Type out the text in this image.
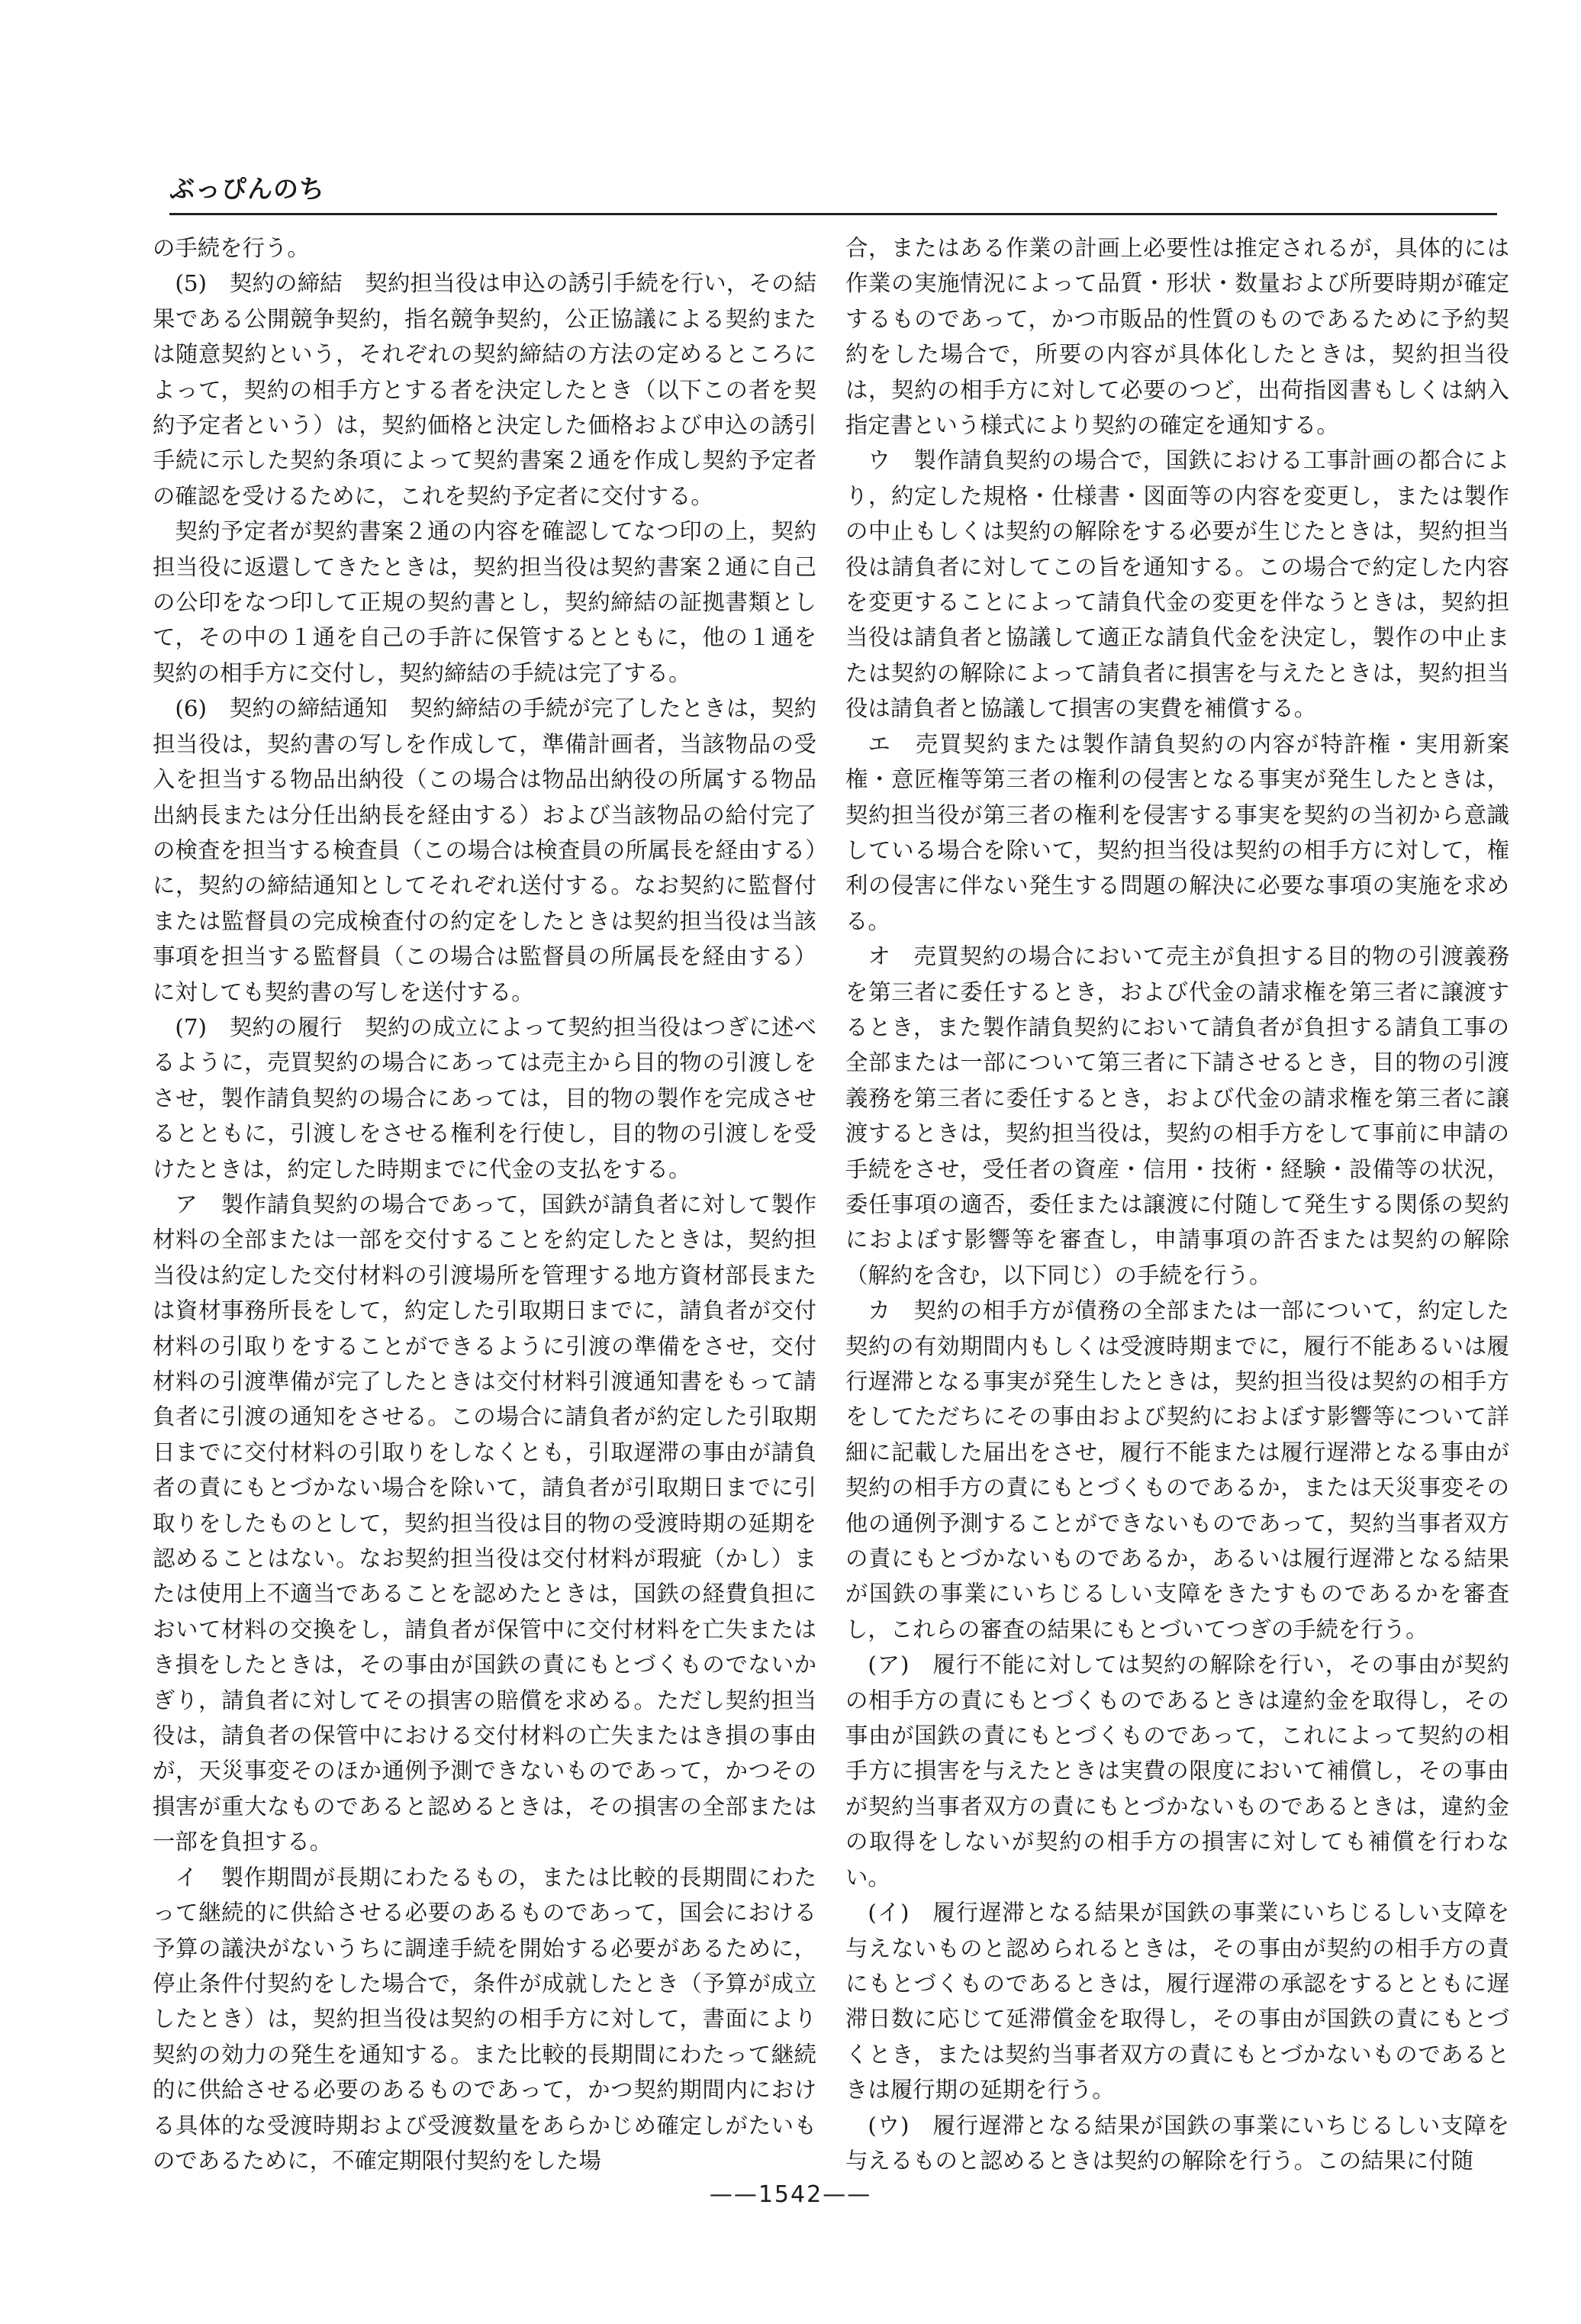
ぶっぴんのち

の手続を行う。

(5)　契約の締結　契約担当役は申込の誘引手続を行い，その結果である公開競争契約，指名競争契約，公正協議による契約または随意契約という，それぞれの契約締結の方法の定めるところによって，契約の相手方とする者を決定したとき（以下この者を契約予定者という）は，契約価格と決定した価格および申込の誘引手続に示した契約条項によって契約書案２通を作成し契約予定者の確認を受けるために，これを契約予定者に交付する。

契約予定者が契約書案２通の内容を確認してなつ印の上，契約担当役に返還してきたときは，契約担当役は契約書案２通に自己の公印をなつ印して正規の契約書とし，契約締結の証拠書類として，その中の１通を自己の手許に保管するとともに，他の１通を契約の相手方に交付し，契約締結の手続は完了する。

(6)　契約の締結通知　契約締結の手続が完了したときは，契約担当役は，契約書の写しを作成して，準備計画者，当該物品の受入を担当する物品出納役（この場合は物品出納役の所属する物品出納長または分任出納長を経由する）および当該物品の給付完了の検査を担当する検査員（この場合は検査員の所属長を経由する）に，契約の締結通知としてそれぞれ送付する。なお契約に監督付または監督員の完成検査付の約定をしたときは契約担当役は当該事項を担当する監督員（この場合は監督員の所属長を経由する）に対しても契約書の写しを送付する。

(7)　契約の履行　契約の成立によって契約担当役はつぎに述べるように，売買契約の場合にあっては売主から目的物の引渡しをさせ，製作請負契約の場合にあっては，目的物の製作を完成させるとともに，引渡しをさせる権利を行使し，目的物の引渡しを受けたときは，約定した時期までに代金の支払をする。

ア　製作請負契約の場合であって，国鉄が請負者に対して製作材料の全部または一部を交付することを約定したときは，契約担当役は約定した交付材料の引渡場所を管理する地方資材部長または資材事務所長をして，約定した引取期日までに，請負者が交付材料の引取りをすることができるように引渡の準備をさせ，交付材料の引渡準備が完了したときは交付材料引渡通知書をもって請負者に引渡の通知をさせる。この場合に請負者が約定した引取期日までに交付材料の引取りをしなくとも，引取遅滞の事由が請負者の責にもとづかない場合を除いて，請負者が引取期日までに引取りをしたものとして，契約担当役は目的物の受渡時期の延期を認めることはない。なお契約担当役は交付材料が瑕疵（かし）または使用上不適当であることを認めたときは，国鉄の経費負担において材料の交換をし，請負者が保管中に交付材料を亡失またはき損をしたときは，その事由が国鉄の責にもとづくものでないかぎり，請負者に対してその損害の賠償を求める。ただし契約担当役は，請負者の保管中における交付材料の亡失またはき損の事由が，天災事変そのほか通例予測できないものであって，かつその損害が重大なものであると認めるときは，その損害の全部または一部を負担する。

イ　製作期間が長期にわたるもの，または比較的長期間にわたって継続的に供給させる必要のあるものであって，国会における予算の議決がないうちに調達手続を開始する必要があるために，停止条件付契約をした場合で，条件が成就したとき（予算が成立したとき）は，契約担当役は契約の相手方に対して，書面により契約の効力の発生を通知する。また比較的長期間にわたって継続的に供給させる必要のあるものであって，かつ契約期間内における具体的な受渡時期および受渡数量をあらかじめ確定しがたいものであるために，不確定期限付契約をした場

合，またはある作業の計画上必要性は推定されるが，具体的には作業の実施情況によって品質・形状・数量および所要時期が確定するものであって，かつ市販品的性質のものであるために予約契約をした場合で，所要の内容が具体化したときは，契約担当役は，契約の相手方に対して必要のつど，出荷指図書もしくは納入指定書という様式により契約の確定を通知する。

ウ　製作請負契約の場合で，国鉄における工事計画の都合により，約定した規格・仕様書・図面等の内容を変更し，または製作の中止もしくは契約の解除をする必要が生じたときは，契約担当役は請負者に対してこの旨を通知する。この場合で約定した内容を変更することによって請負代金の変更を伴なうときは，契約担当役は請負者と協議して適正な請負代金を決定し，製作の中止または契約の解除によって請負者に損害を与えたときは，契約担当役は請負者と協議して損害の実費を補償する。

エ　売買契約または製作請負契約の内容が特許権・実用新案権・意匠権等第三者の権利の侵害となる事実が発生したときは，契約担当役が第三者の権利を侵害する事実を契約の当初から意識している場合を除いて，契約担当役は契約の相手方に対して，権利の侵害に伴ない発生する問題の解決に必要な事項の実施を求める。

オ　売買契約の場合において売主が負担する目的物の引渡義務を第三者に委任するとき，および代金の請求権を第三者に譲渡するとき，また製作請負契約において請負者が負担する請負工事の全部または一部について第三者に下請させるとき，目的物の引渡義務を第三者に委任するとき，および代金の請求権を第三者に譲渡するときは，契約担当役は，契約の相手方をして事前に申請の手続をさせ，受任者の資産・信用・技術・経験・設備等の状況，委任事項の適否，委任または譲渡に付随して発生する関係の契約におよぼす影響等を審査し，申請事項の許否または契約の解除（解約を含む，以下同じ）の手続を行う。

カ　契約の相手方が債務の全部または一部について，約定した契約の有効期間内もしくは受渡時期までに，履行不能あるいは履行遅滞となる事実が発生したときは，契約担当役は契約の相手方をしてただちにその事由および契約におよぼす影響等について詳細に記載した届出をさせ，履行不能または履行遅滞となる事由が契約の相手方の責にもとづくものであるか，または天災事変その他の通例予測することができないものであって，契約当事者双方の責にもとづかないものであるか，あるいは履行遅滞となる結果が国鉄の事業にいちじるしい支障をきたすものであるかを審査し，これらの審査の結果にもとづいてつぎの手続を行う。

(ア)　履行不能に対しては契約の解除を行い，その事由が契約の相手方の責にもとづくものであるときは違約金を取得し，その事由が国鉄の責にもとづくものであって，これによって契約の相手方に損害を与えたときは実費の限度において補償し，その事由が契約当事者双方の責にもとづかないものであるときは，違約金の取得をしないが契約の相手方の損害に対しても補償を行わない。

(イ)　履行遅滞となる結果が国鉄の事業にいちじるしい支障を与えないものと認められるときは，その事由が契約の相手方の責にもとづくものであるときは，履行遅滞の承認をするとともに遅滞日数に応じて延滞償金を取得し，その事由が国鉄の責にもとづくとき，または契約当事者双方の責にもとづかないものであるときは履行期の延期を行う。

(ウ)　履行遅滞となる結果が国鉄の事業にいちじるしい支障を与えるものと認めるときは契約の解除を行う。この結果に付随

——1542——
